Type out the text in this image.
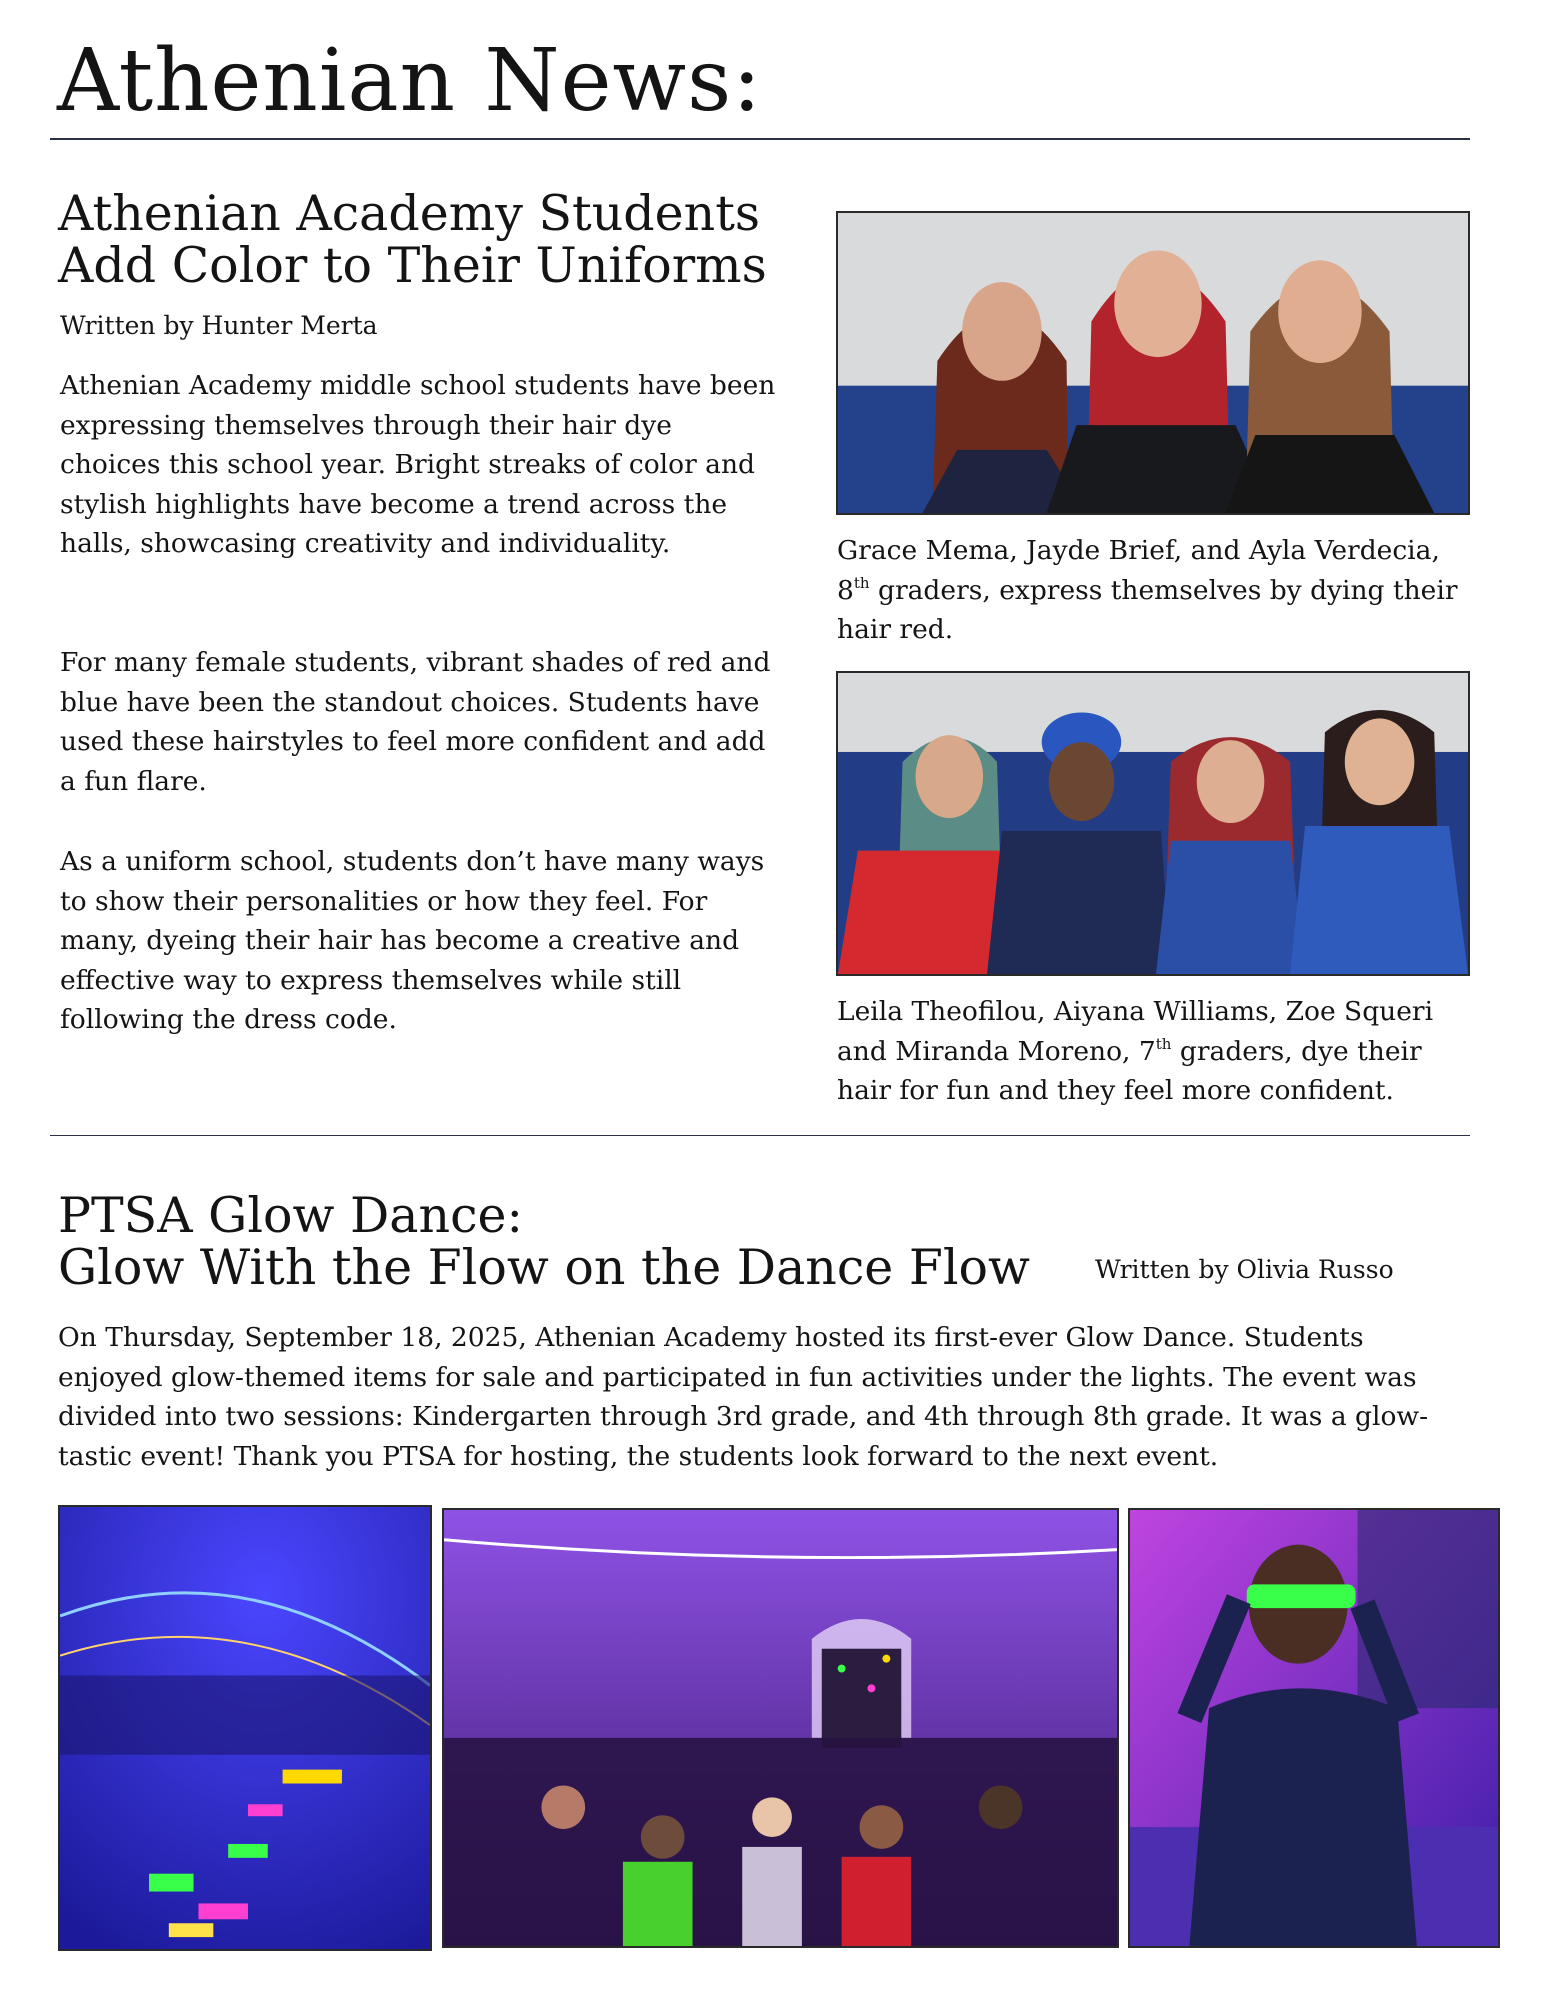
Athenian News:
Athenian Academy Students
Add Color to Their Uniforms
Written by Hunter Merta

Athenian Academy middle school students have been expressing themselves through their hair dye choices this school year. Bright streaks of color and stylish highlights have become a trend across the halls, showcasing creativity and individuality.

For many female students, vibrant shades of red and blue have been the standout choices. Students have used these hairstyles to feel more confident and add a fun flare.

As a uniform school, students don’t have many ways to show their personalities or how they feel. For many, dyeing their hair has become a creative and effective way to express themselves while still following the dress code.

Grace Mema, Jayde Brief, and Ayla Verdecia, 8th graders, express themselves by dying their hair red.

Leila Theofilou, Aiyana Williams, Zoe Squeri and Miranda Moreno, 7th graders, dye their hair for fun and they feel more confident.

PTSA Glow Dance:
Glow With the Flow on the Dance Flow	Written by Olivia Russo

On Thursday, September 18, 2025, Athenian Academy hosted its first-ever Glow Dance. Students enjoyed glow-themed items for sale and participated in fun activities under the lights. The event was divided into two sessions: Kindergarten through 3rd grade, and 4th through 8th grade. It was a glow-tastic event! Thank you PTSA for hosting, the students look forward to the next event.
